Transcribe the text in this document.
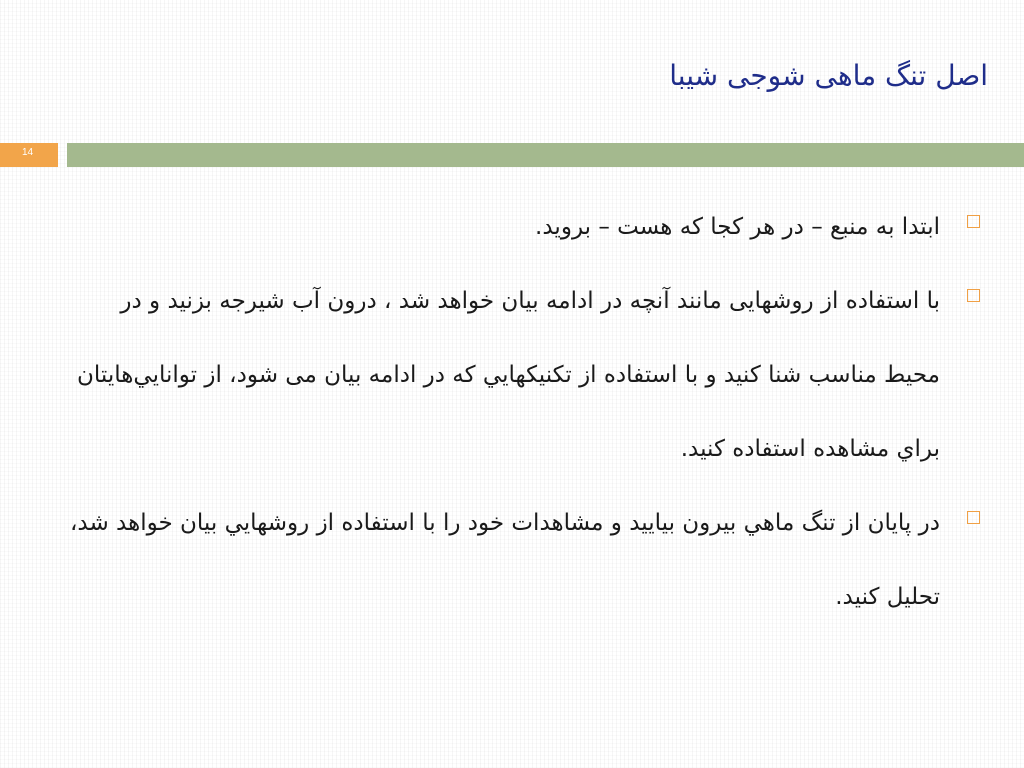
اصل تنگ ماهی شوجی شیبا
14
ابتدا به منبع – در هر کجا که هست – بروید.
با استفاده از روشهایی مانند آنچه در ادامه بیان خواهد شد ، درون آب شیرجه بزنید و در محیط مناسب شنا کنید و با استفاده از تکنیکهایي که در ادامه بیان می شود، از توانايي‌هايتان براي مشاهده استفاده کنید.
در پایان از تنگ ماهي بیرون بیایید و مشاهدات خود را با استفاده از روشهايي بیان خواهد شد، تحلیل کنید.
